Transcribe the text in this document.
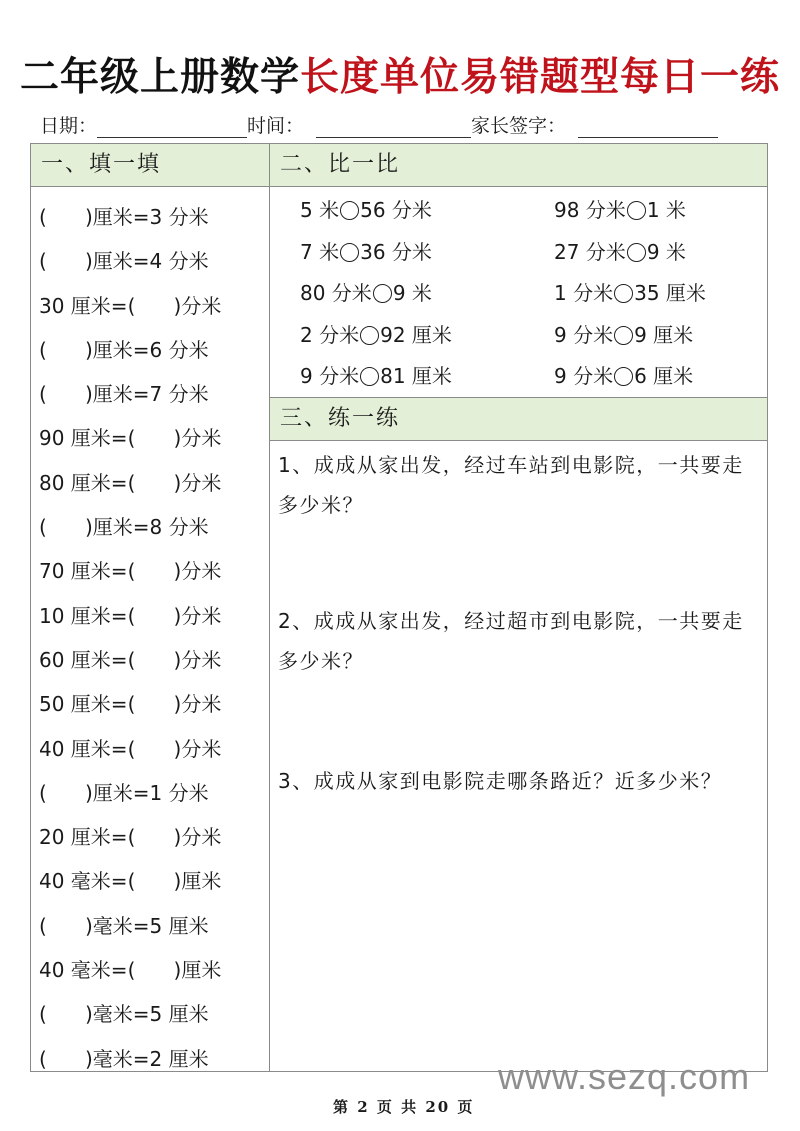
二年级上册数学长度单位易错题型每日一练
日期：	时间：	家长签字：
一、填一填
(      )厘米=3 分米
(      )厘米=4 分米
30 厘米=(      )分米
(      )厘米=6 分米
(      )厘米=7 分米
90 厘米=(      )分米
80 厘米=(      )分米
(      )厘米=8 分米
70 厘米=(      )分米
10 厘米=(      )分米
60 厘米=(      )分米
50 厘米=(      )分米
40 厘米=(      )分米
(      )厘米=1 分米
20 厘米=(      )分米
40 毫米=(      )厘米
(      )毫米=5 厘米
40 毫米=(      )厘米
(      )毫米=5 厘米
(      )毫米=2 厘米
二、比一比
5 米 56 分米	98 分米 1 米
7 米 36 分米	27 分米 9 米
80 分米 9 米	1 分米 35 厘米
2 分米 92 厘米	9 分米 9 厘米
9 分米 81 厘米	9 分米 6 厘米
三、练一练
1、成成从家出发，经过车站到电影院，一共要走多少米？
2、成成从家出发，经过超市到电影院，一共要走多少米？
3、成成从家到电影院走哪条路近？近多少米？
www.sezq.com
第 2 页 共 20 页
